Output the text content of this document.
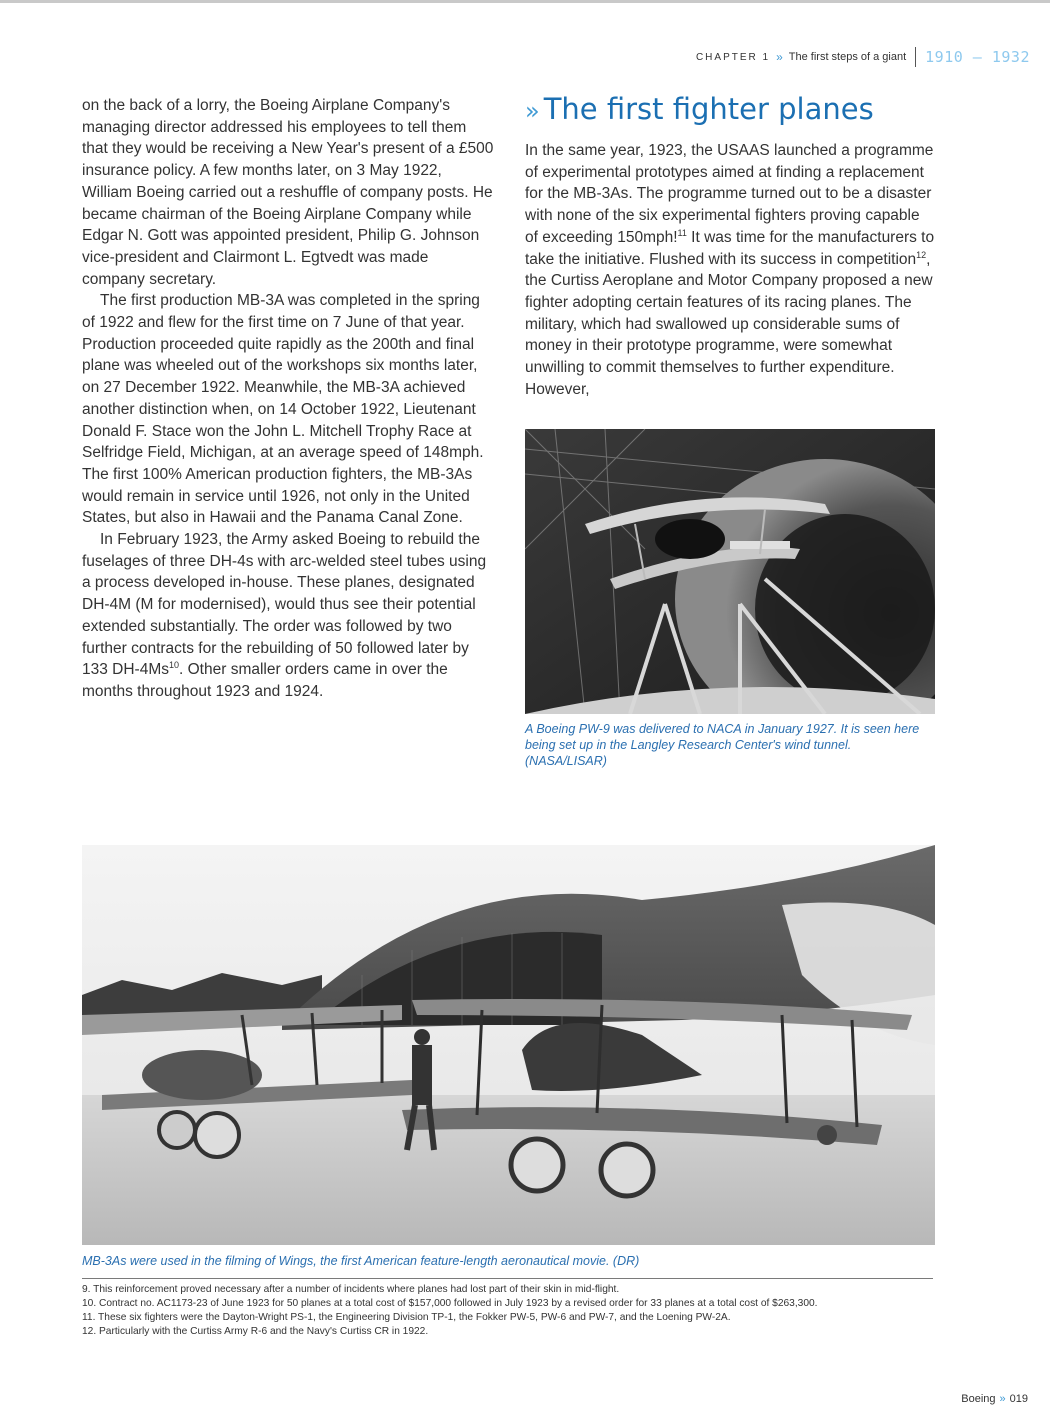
CHAPTER 1 » The first steps of a giant 1910 – 1932

on the back of a lorry, the Boeing Airplane Company's managing director addressed his employees to tell them that they would be receiving a New Year's present of a £500 insurance policy. A few months later, on 3 May 1922, William Boeing carried out a reshuffle of company posts. He became chairman of the Boeing Airplane Company while Edgar N. Gott was appointed president, Philip G. Johnson vice-president and Clairmont L. Egtvedt was made company secretary.

The first production MB-3A was completed in the spring of 1922 and flew for the first time on 7 June of that year. Production proceeded quite rapidly as the 200th and final plane was wheeled out of the workshops six months later, on 27 December 1922. Meanwhile, the MB-3A achieved another distinction when, on 14 October 1922, Lieutenant Donald F. Stace won the John L. Mitchell Trophy Race at Selfridge Field, Michigan, at an average speed of 148mph. The first 100% American production fighters, the MB-3As would remain in service until 1926, not only in the United States, but also in Hawaii and the Panama Canal Zone.

In February 1923, the Army asked Boeing to rebuild the fuselages of three DH-4s with arc-welded steel tubes using a process developed in-house. These planes, designated DH-4M (M for modernised), would thus see their potential extended substantially. The order was followed by two further contracts for the rebuilding of 50 followed later by 133 DH-4Ms$^{10}$. Other smaller orders came in over the months throughout 1923 and 1924.

» The first fighter planes

In the same year, 1923, the USAAS launched a programme of experimental prototypes aimed at finding a replacement for the MB-3As. The programme turned out to be a disaster with none of the six experimental fighters proving capable of exceeding 150mph!$^{11}$ It was time for the manufacturers to take the initiative. Flushed with its success in competition$^{12}$, the Curtiss Aeroplane and Motor Company proposed a new fighter adopting certain features of its racing planes. The military, which had swallowed up considerable sums of money in their prototype programme, were somewhat unwilling to commit themselves to further expenditure. However,

A Boeing PW-9 was delivered to NACA in January 1927. It is seen here being set up in the Langley Research Center's wind tunnel. (NASA/LISAR)

MB-3As were used in the filming of Wings, the first American feature-length aeronautical movie. (DR)

9. This reinforcement proved necessary after a number of incidents where planes had lost part of their skin in mid-flight.

10. Contract no. AC1173-23 of June 1923 for 50 planes at a total cost of $157,000 followed in July 1923 by a revised order for 33 planes at a total cost of $263,300.

11. These six fighters were the Dayton-Wright PS-1, the Engineering Division TP-1, the Fokker PW-5, PW-6 and PW-7, and the Loening PW-2A.

12. Particularly with the Curtiss Army R-6 and the Navy's Curtiss CR in 1922.

Boeing » 019
